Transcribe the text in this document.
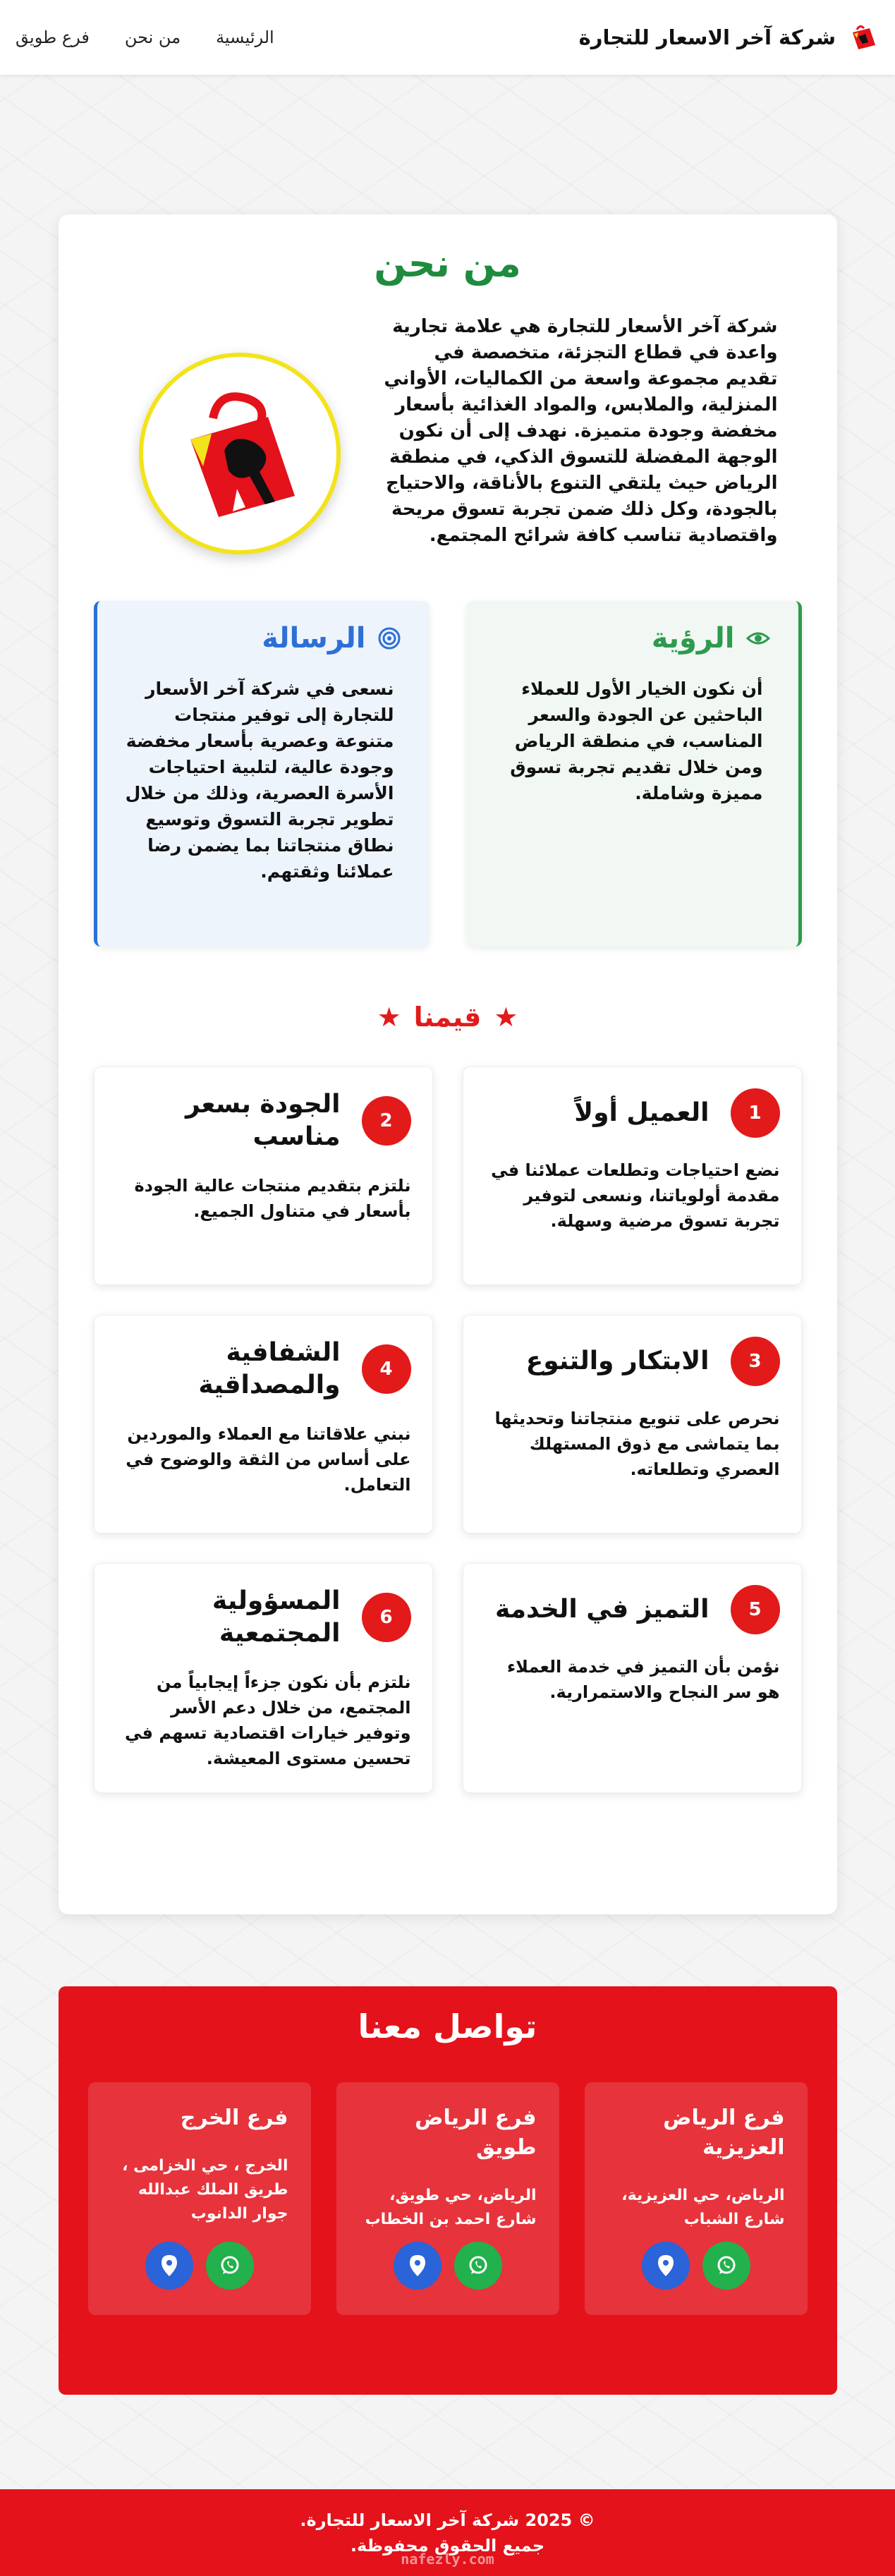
شركة آخر الاسعار للتجارة
الرئيسية
من نحن
فرع طويق
من نحن

شركة آخر الأسعار للتجارة هي علامة تجارية واعدة في قطاع التجزئة، متخصصة في تقديم مجموعة واسعة من الكماليات، الأواني المنزلية، والملابس، والمواد الغذائية بأسعار مخفضة وجودة متميزة. نهدف إلى أن نكون الوجهة المفضلة للتسوق الذكي، في منطقة الرياض حيث يلتقي التنوع بالأناقة، والاحتياج بالجودة، وكل ذلك ضمن تجربة تسوق مريحة واقتصادية تناسب كافة شرائح المجتمع.

الرؤية

أن نكون الخيار الأول للعملاء الباحثين عن الجودة والسعر المناسب، في منطقة الرياض ومن خلال تقديم تجربة تسوق مميزة وشاملة.

الرسالة

نسعى في شركة آخر الأسعار للتجارة إلى توفير منتجات متنوعة وعصرية بأسعار مخفضة وجودة عالية، لتلبية احتياجات الأسرة العصرية، وذلك من خلال تطوير تجربة التسوق وتوسيع نطاق منتجاتنا بما يضمن رضا عملائنا وثقتهم.

★
قيمنا
★
1
العميل أولاً

نضع احتياجات وتطلعات عملائنا في مقدمة أولوياتنا، ونسعى لتوفير تجربة تسوق مرضية وسهلة.

2
الجودة بسعر مناسب

نلتزم بتقديم منتجات عالية الجودة بأسعار في متناول الجميع.

3
الابتكار والتنوع

نحرص على تنويع منتجاتنا وتحديثها بما يتماشى مع ذوق المستهلك العصري وتطلعاته.

4
الشفافية والمصداقية

نبني علاقاتنا مع العملاء والموردين على أساس من الثقة والوضوح في التعامل.

5
التميز في الخدمة

نؤمن بأن التميز في خدمة العملاء هو سر النجاح والاستمرارية.

6
المسؤولية المجتمعية

نلتزم بأن نكون جزءاً إيجابياً من المجتمع، من خلال دعم الأسر وتوفير خيارات اقتصادية تسهم في تحسين مستوى المعيشة.

تواصل معنا
فرع الرياض العزيزية

الرياض، حي العزيزية، شارع الشباب

فرع الرياض طويق

الرياض، حي طويق، شارع احمد بن الخطاب

فرع الخرج

الخرج ، حي الخزامى ، طريق الملك عبدالله جوار الدانوب

© 2025 شركة آخر الاسعار للتجارة.
جميع الحقوق محفوظة.
nafezly.com
